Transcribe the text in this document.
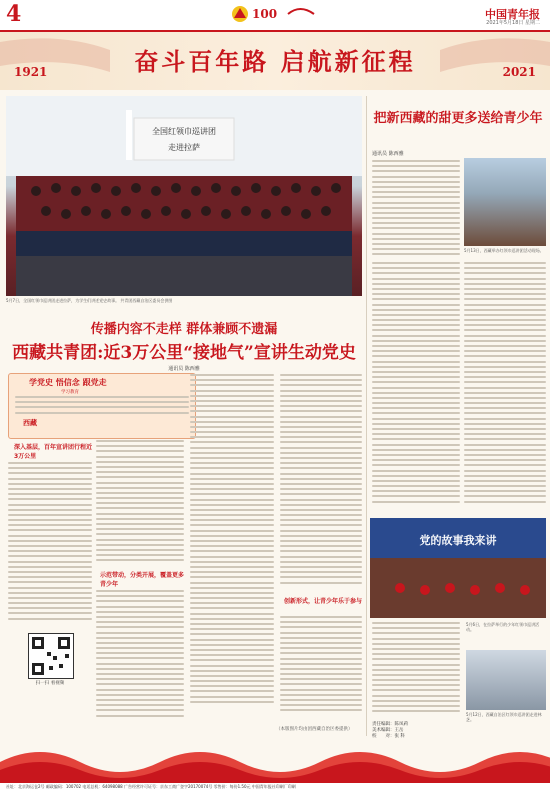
4	100	中国青年报
2021年5月18日 星期二
奋斗百年路 启航新征程
1921	2021
全国红领巾巡讲团
走进拉萨
把新西藏的甜更多送给青少年
通讯员 陈西雅
5月13日，西藏举办红领巾巡讲团活动现场。
5月7日，全国红领巾巡讲团走进拉萨，为学生们讲述党史故事。 共青团西藏自治区委员会供图
传播内容不走样 群体兼顾不遗漏
西藏共青团:近3万公里“接地气”宣讲生动党史
通讯员 陈西雅
学党史 悟信念 跟党走
学习教育
西藏
深入基层，百年宣讲团行程近3万公里
示范带动，分类开展，覆盖更多青少年
创新形式，让青少年乐于参与
党的故事我来讲
5月6日，在拉萨举行的少年红领巾巡讲活动。
5月12日，西藏自治区红领巾巡讲团走进林芝。
扫一扫 看视频
（本版图片均由团西藏自治区委提供）
责任编辑：陈凤莉
美术编辑：王岳
校　　对：张 科
社址：北京海运仓2号 邮政编码：100702 电话总机：64098088 广告经营许可证号：京东工商广登字20170074号 零售价：每份1.50元 中国青年报社印刷厂印刷
